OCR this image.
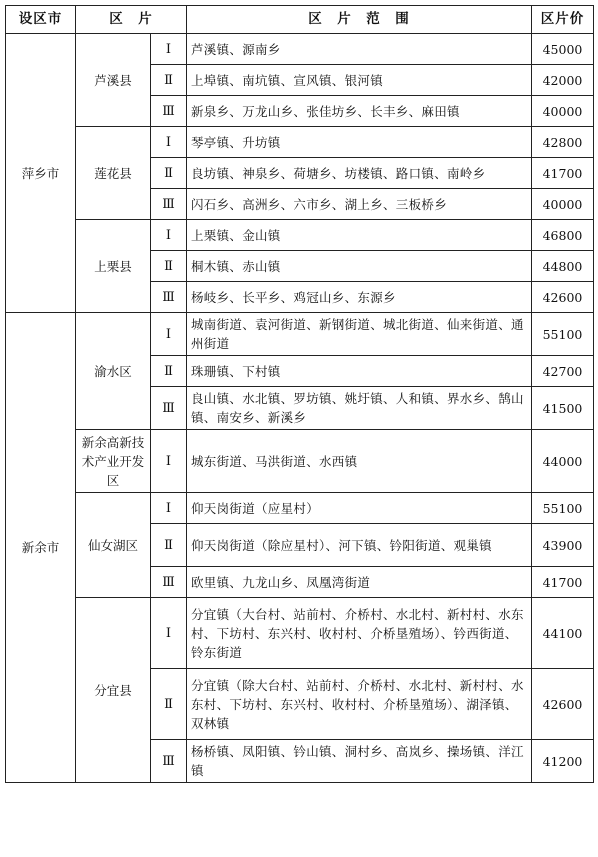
设区市	区　片		区　片　范　围	区片价
萍乡市	芦溪县	Ⅰ	芦溪镇、源南乡	45000
		Ⅱ	上埠镇、南坑镇、宣风镇、银河镇	42000
		Ⅲ	新泉乡、万龙山乡、张佳坊乡、长丰乡、麻田镇	40000
	莲花县	Ⅰ	琴亭镇、升坊镇	42800
		Ⅱ	良坊镇、神泉乡、荷塘乡、坊楼镇、路口镇、南岭乡	41700
		Ⅲ	闪石乡、高洲乡、六市乡、湖上乡、三板桥乡	40000
	上栗县	Ⅰ	上栗镇、金山镇	46800
		Ⅱ	桐木镇、赤山镇	44800
		Ⅲ	杨岐乡、长平乡、鸡冠山乡、东源乡	42600
新余市	渝水区	Ⅰ	城南街道、袁河街道、新钢街道、城北街道、仙来街道、通州街道	55100
		Ⅱ	珠珊镇、下村镇	42700
		Ⅲ	良山镇、水北镇、罗坊镇、姚圩镇、人和镇、界水乡、鹄山镇、南安乡、新溪乡	41500
	新余高新技术产业开发区	Ⅰ	城东街道、马洪街道、水西镇	44000
	仙女湖区	Ⅰ	仰天岗街道（应星村）	55100
		Ⅱ	仰天岗街道（除应星村）、河下镇、钤阳街道、观巢镇	43900
		Ⅲ	欧里镇、九龙山乡、凤凰湾街道	41700
	分宜县	Ⅰ	分宜镇（大台村、站前村、介桥村、水北村、新村村、水东村、下坊村、东兴村、收村村、介桥垦殖场）、钤西街道、铃东街道	44100
		Ⅱ	分宜镇（除大台村、站前村、介桥村、水北村、新村村、水东村、下坊村、东兴村、收村村、介桥垦殖场）、湖泽镇、双林镇	42600
		Ⅲ	杨桥镇、凤阳镇、钤山镇、洞村乡、高岚乡、操场镇、洋江镇	41200
